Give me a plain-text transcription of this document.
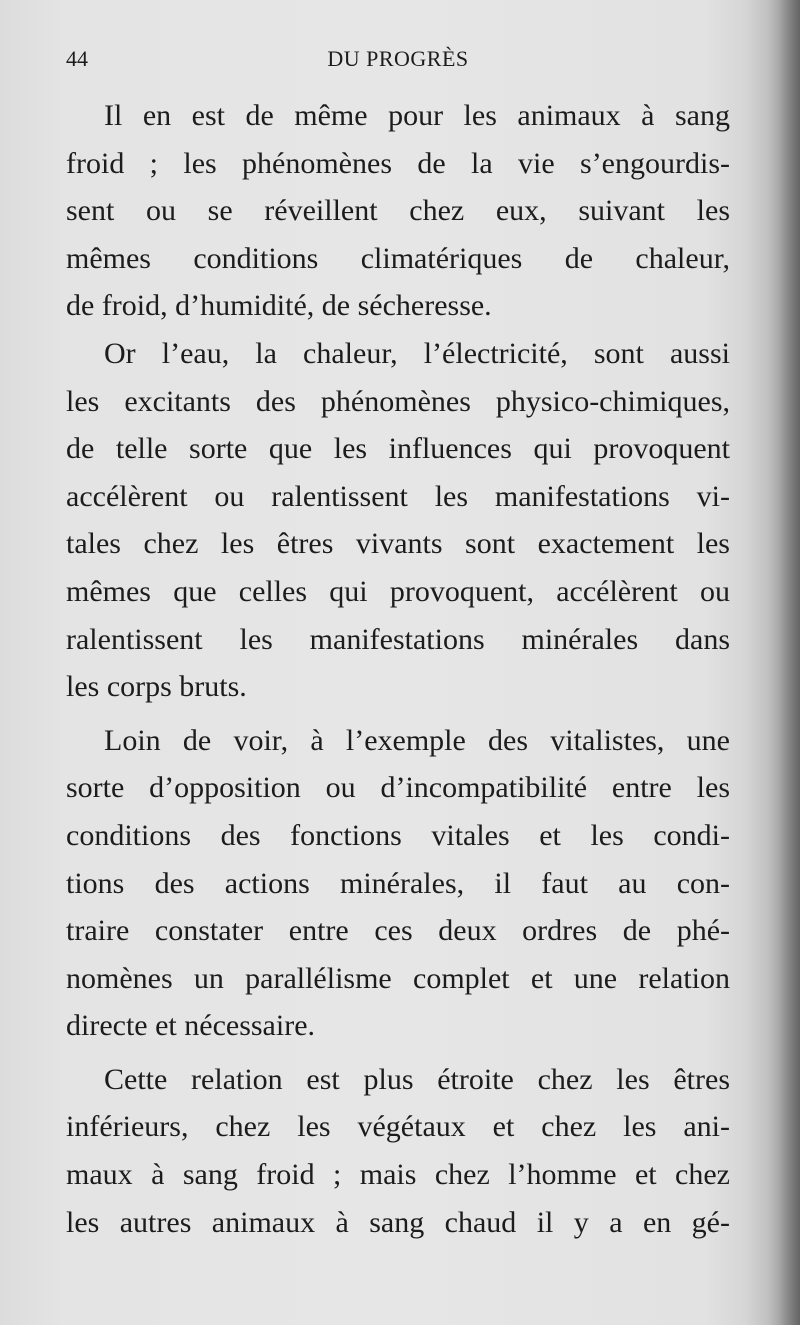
44	DU PROGRÈS
Il en est de même pour les animaux à sang
froid ; les phénomènes de la vie s’engourdis-
sent ou se réveillent chez eux, suivant les
mêmes conditions climatériques de chaleur,
de froid, d’humidité, de sécheresse.
Or l’eau, la chaleur, l’électricité, sont aussi
les excitants des phénomènes physico-chimiques,
de telle sorte que les influences qui provoquent
accélèrent ou ralentissent les manifestations vi-
tales chez les êtres vivants sont exactement les
mêmes que celles qui provoquent, accélèrent ou
ralentissent les manifestations minérales dans
les corps bruts.
Loin de voir, à l’exemple des vitalistes, une
sorte d’opposition ou d’incompatibilité entre les
conditions des fonctions vitales et les condi-
tions des actions minérales, il faut au con-
traire constater entre ces deux ordres de phé-
nomènes un parallélisme complet et une relation
directe et nécessaire.
Cette relation est plus étroite chez les êtres
inférieurs, chez les végétaux et chez les ani-
maux à sang froid ; mais chez l’homme et chez
les autres animaux à sang chaud il y a en gé-
